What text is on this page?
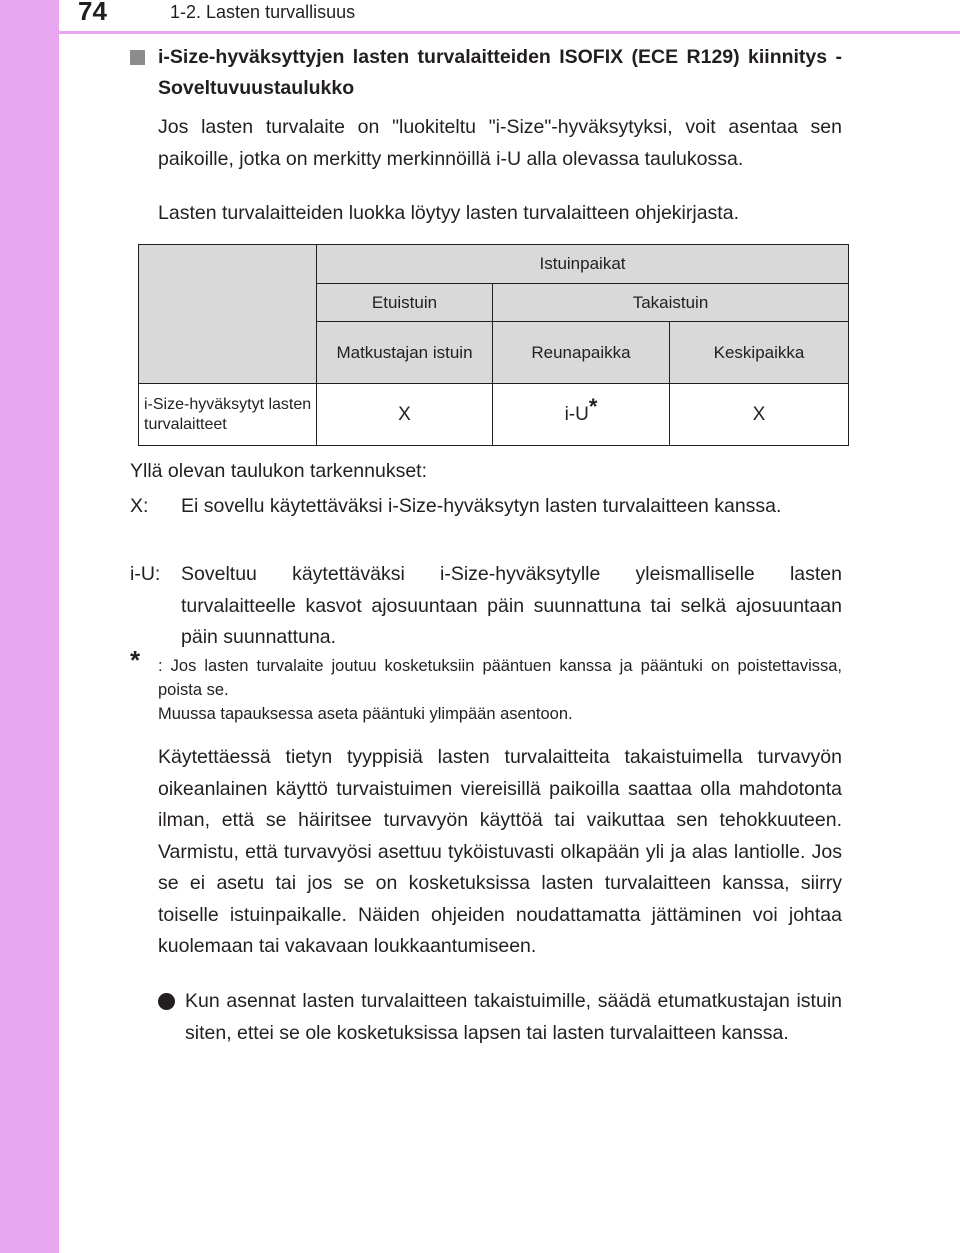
74	1-2. Lasten turvallisuus
i-Size-hyväksyttyjen lasten turvalaitteiden ISOFIX (ECE R129) kiinnitys - Soveltuvuustaulukko
Jos lasten turvalaite on "luokiteltu "i-Size"-hyväksytyksi, voit asentaa sen paikoille, jotka on merkitty merkinnöillä i-U alla olevassa taulukossa.
Lasten turvalaitteiden luokka löytyy lasten turvalaitteen ohjekirjasta.
	Istuinpaikat		
	Etuistuin	Takaistuin	
	Matkustajan istuin	Reunapaikka	Keskipaikka
i-Size-hyväksytyt lasten turvalaitteet	X	i-U*	X
Yllä olevan taulukon tarkennukset:
X: Ei sovellu käytettäväksi i-Size-hyväksytyn lasten turvalaitteen kanssa.
i-U: Soveltuu käytettäväksi i-Size-hyväksytylle yleismalliselle lasten turvalaitteelle kasvot ajosuuntaan päin suunnattuna tai selkä ajosuuntaan päin suunnattuna.
* : Jos lasten turvalaite joutuu kosketuksiin pääntuen kanssa ja pääntuki on poistettavissa, poista se.
Muussa tapauksessa aseta pääntuki ylimpään asentoon.
Käytettäessä tietyn tyyppisiä lasten turvalaitteita takaistuimella turvavyön oikeanlainen käyttö turvaistuimen viereisillä paikoilla saattaa olla mahdotonta ilman, että se häiritsee turvavyön käyttöä tai vaikuttaa sen tehokkuuteen. Varmistu, että turvavyösi asettuu tyköistuvasti olkapään yli ja alas lantiolle. Jos se ei asetu tai jos se on kosketuksissa lasten turvalaitteen kanssa, siirry toiselle istuinpaikalle. Näiden ohjeiden noudattamatta jättäminen voi johtaa kuolemaan tai vakavaan loukkaantumiseen.
Kun asennat lasten turvalaitteen takaistuimille, säädä etumatkustajan istuin siten, ettei se ole kosketuksissa lapsen tai lasten turvalaitteen kanssa.
